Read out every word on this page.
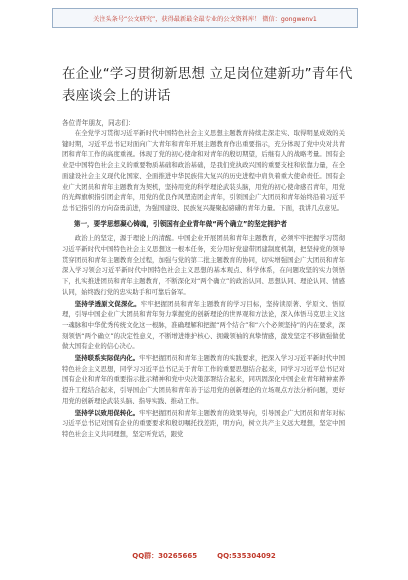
关注头条号“公文研究”，获得最新最全最专业的公文资料库！ 微信：gongwenv1
在企业“学习贯彻新思想 立足岗位建新功”青年代
表座谈会上的讲话
各位青年朋友，同志们：

在全党学习贯彻习近平新时代中国特色社会主义思想主题教育持续走深走实、取得明显成效的关键时期，习近平总书记对面向广大青年和青年开展主题教育作出重要指示，充分体现了党中央对共青团和青年工作的高度重视。体现了党的初心使命和对青年的殷切期望，后继有人的战略考量。国有企业是中国特色社会主义的重要物质基础和政治基础，是我们党执政兴国的重要支柱和依靠力量，在全面建设社会主义现代化国家、全面推进中华民族伟大复兴的历史进程中肩负着重大使命责任。国有企业广大团员和青年主题教育为契机，坚持用党的科学理论武装头脑，用党的初心使命感召青年，用党的光辉旗帜指引团企青年，用党的优良作风塑造团企青年，引领国企广大团员和青年始终沿着习近平总书记指引的方向奋勇前进，为强国建设、民族复兴凝聚起磅礴的青年力量。下面，我讲几点意见。

第一，要学思想凝心铸魂，引领国有企业青年做“两个确立”的坚定拥护者

政治上的坚定，源于理论上的清醒。中国企业开展团员和青年主题教育，必须牢牢把握学习贯彻习近平新时代中国特色社会主义思想这一根本任务，充分用好党建带团建制度机制，把坚持党的领导贯穿团员和青年主题教育全过程，加强与党的第二批主题教育的协同，切实增强国企广大团员和青年深入学习领会习近平新时代中国特色社会主义思想的基本观点、科学体系，在问题攻坚的实力领悟下，扎实推进团员和青年主题教育，不断深化对“两个确立”的政治认同、思想认同、理论认同、情感认同，始终践行党的忠实助手和可靠后备军。

坚持学透原文促深化。牢牢把握团员和青年主题教育的学习目标，坚持读原著、学原文、悟原理，引导中国企业广大团员和青年努力掌握党的创新理论的世界观和方法论，深入体悟马克思主义这一魂脉和中华优秀传统文化这一根脉，准确理解和把握“两个结合”和“六个必须坚持”的内在要求，深刻领悟“两个确立”的决定性意义，不断增进维护核心、拥戴领袖的真挚情感，激发坚定不移做强做优做大国有企业的信心决心。

坚持联系实际促内化。牢牢把握团员和青年主题教育的实践要求，把深入学习习近平新时代中国特色社会主义思想，同学习习近平总书记关于青年工作的重要思想结合起来，同学习习近平总书记对国有企业和青年的重要指示批示精神和党中央决策部署结合起来，同巩固深化中国企业青年精神素养提升工程结合起来，引导国企广大团员和青年善于运用党的创新理论的立场观点方法分析问题，更好用党的创新理论武装头脑、指导实践、推动工作。

坚持学以致用促转化。牢牢把握团员和青年主题教育的效果导向，引导国企广大团员和青年对标习近平总书记对国有企业的重要要求和殷切嘱托找差距，明方向，树立共产主义远大理想，坚定中国特色社会主义共同理想，坚定听党话，跟党

QQ群：30265665	QQ:535304092
